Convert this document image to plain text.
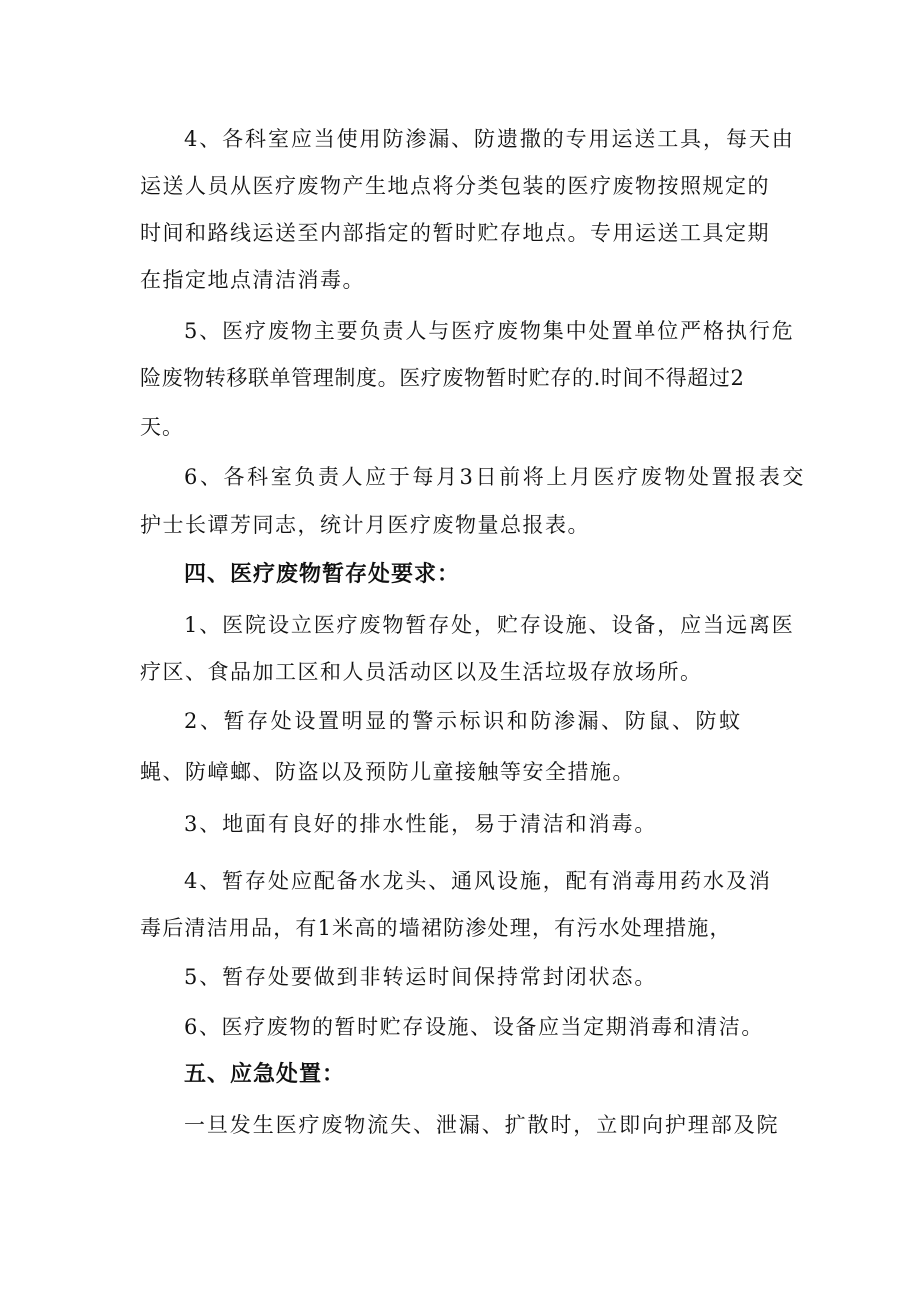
4、各科室应当使用防渗漏、防遗撒的专用运送工具，每天由
运送人员从医疗废物产生地点将分类包装的医疗废物按照规定的
时间和路线运送至内部指定的暂时贮存地点。专用运送工具定期
在指定地点清洁消毒。
5、医疗废物主要负责人与医疗废物集中处置单位严格执行危
险废物转移联单管理制度。医疗废物暂时贮存的.时间不得超过2
天。
6、各科室负责人应于每月3日前将上月医疗废物处置报表交
护士长谭芳同志，统计月医疗废物量总报表。
四、医疗废物暂存处要求：
1、医院设立医疗废物暂存处，贮存设施、设备，应当远离医
疗区、食品加工区和人员活动区以及生活垃圾存放场所。
2、暂存处设置明显的警示标识和防渗漏、防鼠、防蚊
蝇、防嶂螂、防盗以及预防儿童接触等安全措施。
3、地面有良好的排水性能，易于清洁和消毒。
4、暂存处应配备水龙头、通风设施，配有消毒用药水及消
毒后清洁用品，有1米高的墙裙防渗处理，有污水处理措施，
5、暂存处要做到非转运时间保持常封闭状态。
6、医疗废物的暂时贮存设施、设备应当定期消毒和清洁。
五、应急处置：
一旦发生医疗废物流失、泄漏、扩散时，立即向护理部及院
